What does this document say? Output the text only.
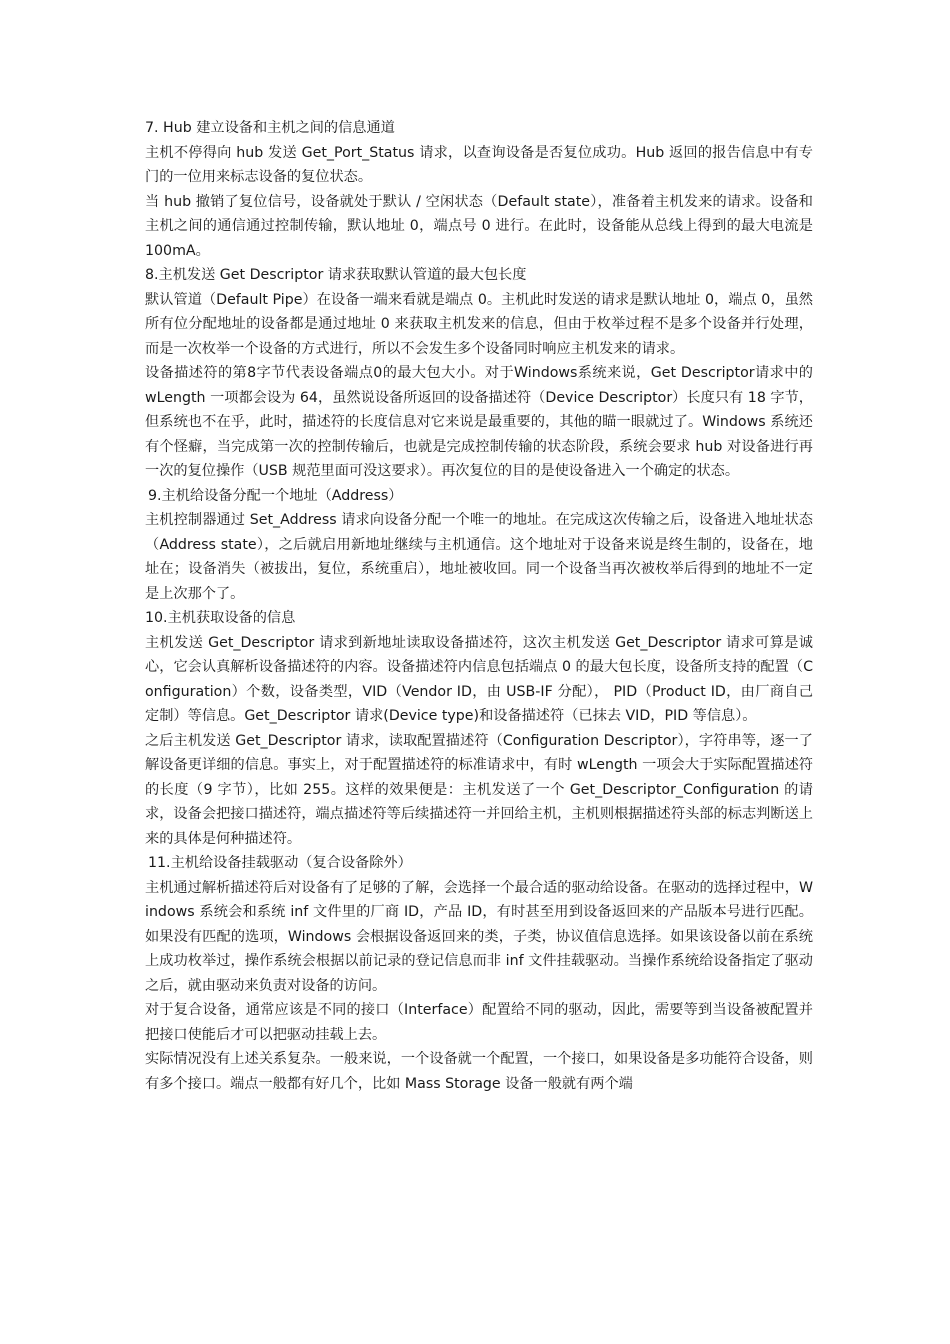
7. Hub 建立设备和主机之间的信息通道

主机不停得向 hub 发送 Get_Port_Status 请求，以查询设备是否复位成功。Hub 返回的报告信息中有专门的一位用来标志设备的复位状态。

当 hub 撤销了复位信号，设备就处于默认 / 空闲状态（Default state），准备着主机发来的请求。设备和主机之间的通信通过控制传输，默认地址 0，端点号 0 进行。在此时，设备能从总线上得到的最大电流是 100mA。

8.主机发送 Get Descriptor 请求获取默认管道的最大包长度

默认管道（Default Pipe）在设备一端来看就是端点 0。主机此时发送的请求是默认地址 0，端点 0，虽然所有位分配地址的设备都是通过地址 0 来获取主机发来的信息，但由于枚举过程不是多个设备并行处理，而是一次枚举一个设备的方式进行，所以不会发生多个设备同时响应主机发来的请求。

设备描述符的第8字节代表设备端点0的最大包大小。对于Windows系统来说，Get Descriptor请求中的 wLength 一项都会设为 64，虽然说设备所返回的设备描述符（Device Descriptor）长度只有 18 字节，但系统也不在乎，此时，描述符的长度信息对它来说是最重要的，其他的瞄一眼就过了。Windows 系统还有个怪癖，当完成第一次的控制传输后，也就是完成控制传输的状态阶段，系统会要求 hub 对设备进行再一次的复位操作（USB 规范里面可没这要求）。再次复位的目的是使设备进入一个确定的状态。

9.主机给设备分配一个地址（Address）

主机控制器通过 Set_Address 请求向设备分配一个唯一的地址。在完成这次传输之后，设备进入地址状态（Address state），之后就启用新地址继续与主机通信。这个地址对于设备来说是终生制的，设备在，地址在；设备消失（被拔出，复位，系统重启），地址被收回。同一个设备当再次被枚举后得到的地址不一定是上次那个了。

10.主机获取设备的信息

主机发送 Get_Descriptor 请求到新地址读取设备描述符，这次主机发送 Get_Descriptor 请求可算是诚心，它会认真解析设备描述符的内容。设备描述符内信息包括端点 0 的最大包长度，设备所支持的配置（Configuration）个数，设备类型，VID（Vendor ID，由 USB-IF 分配）， PID（Product ID，由厂商自己定制）等信息。Get_Descriptor 请求(Device type)和设备描述符（已抹去 VID，PID 等信息）。

之后主机发送 Get_Descriptor 请求，读取配置描述符（Configuration Descriptor），字符串等，逐一了解设备更详细的信息。事实上，对于配置描述符的标准请求中，有时 wLength 一项会大于实际配置描述符的长度（9 字节），比如 255。这样的效果便是：主机发送了一个 Get_Descriptor_Configuration 的请求，设备会把接口描述符，端点描述符等后续描述符一并回给主机，主机则根据描述符头部的标志判断送上来的具体是何种描述符。

11.主机给设备挂载驱动（复合设备除外）

主机通过解析描述符后对设备有了足够的了解，会选择一个最合适的驱动给设备。在驱动的选择过程中，Windows 系统会和系统 inf 文件里的厂商 ID，产品 ID，有时甚至用到设备返回来的产品版本号进行匹配。如果没有匹配的选项，Windows 会根据设备返回来的类，子类，协议值信息选择。如果该设备以前在系统上成功枚举过，操作系统会根据以前记录的登记信息而非 inf 文件挂载驱动。当操作系统给设备指定了驱动之后，就由驱动来负责对设备的访问。

对于复合设备，通常应该是不同的接口（Interface）配置给不同的驱动，因此，需要等到当设备被配置并把接口使能后才可以把驱动挂载上去。

实际情况没有上述关系复杂。一般来说，一个设备就一个配置，一个接口，如果设备是多功能符合设备，则有多个接口。端点一般都有好几个，比如 Mass Storage 设备一般就有两个端
